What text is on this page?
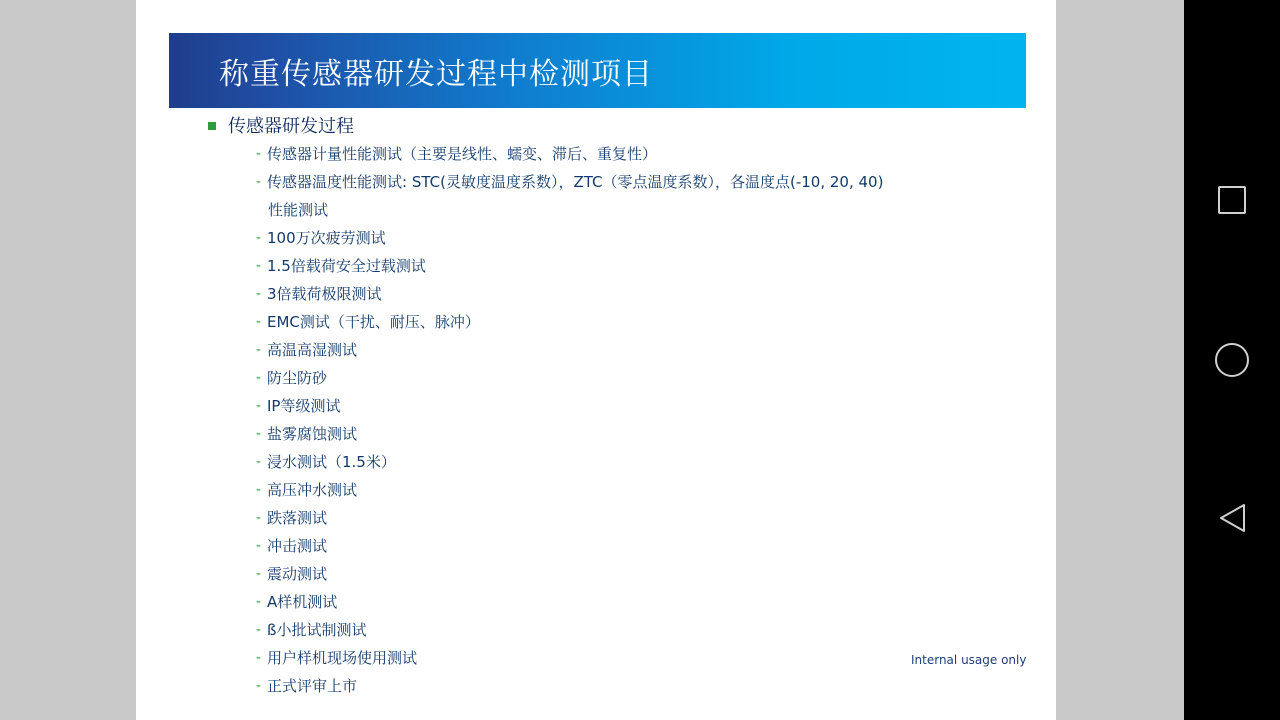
称重传感器研发过程中检测项目
传感器研发过程
- 传感器计量性能测试（主要是线性、蠕变、滞后、重复性）
- 传感器温度性能测试: STC(灵敏度温度系数），ZTC（零点温度系数），各温度点(-10, 20, 40)
性能测试
- 100万次疲劳测试
- 1.5倍载荷安全过载测试
- 3倍载荷极限测试
- EMC测试（干扰、耐压、脉冲）
- 高温高湿测试
- 防尘防砂
- IP等级测试
- 盐雾腐蚀测试
- 浸水测试（1.5米）
- 高压冲水测试
- 跌落测试
- 冲击测试
- 震动测试
- A样机测试
- ß小批试制测试
- 用户样机现场使用测试
- 正式评审上市
Internal usage only
